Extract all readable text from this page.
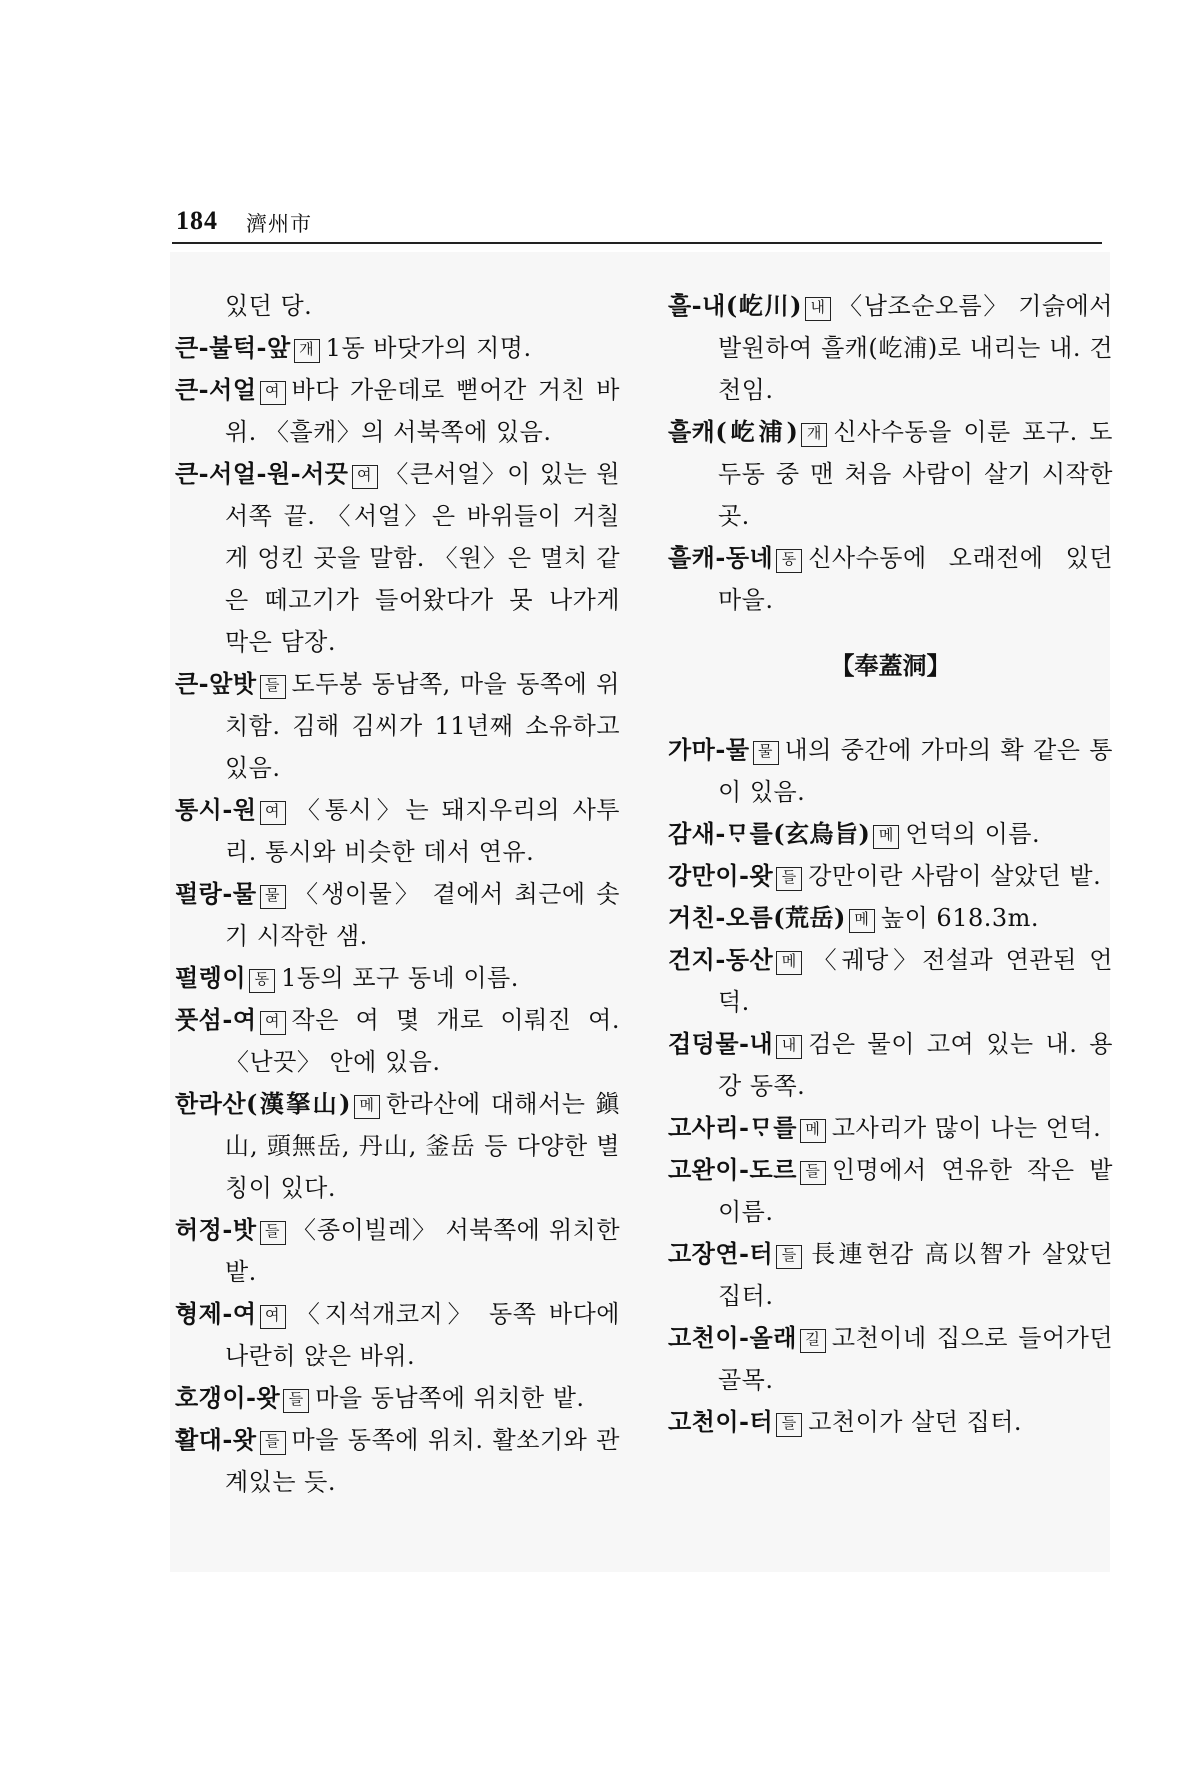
184 濟州市
있던 당.
큰-불턱-앞 개 1동 바닷가의 지명.
큰-서얼 여 바다 가운데로 뻗어간 거친 바위. 〈흘캐〉의 서북쪽에 있음.
큰-서얼-원-서끗 여 〈큰서얼〉이 있는 원 서쪽 끝. 〈서얼〉은 바위들이 거칠게 엉킨 곳을 말함. 〈원〉은 멸치 같은 떼고기가 들어왔다가 못 나가게 막은 담장.
큰-앞밧 들 도두봉 동남쪽, 마을 동쪽에 위치함. 김해 김씨가 11년째 소유하고 있음.
통시-원 여 〈통시〉는 돼지우리의 사투리. 통시와 비슷한 데서 연유.
펄랑-물 물 〈생이물〉 곁에서 최근에 솟기 시작한 샘.
펄렝이 동 1동의 포구 동네 이름.
풋섬-여 여 작은 여 몇 개로 이뤄진 여. 〈난끗〉 안에 있음.
한라산(漢拏山) 메 한라산에 대해서는 鎭山, 頭無岳, 丹山, 釜岳 등 다양한 별칭이 있다.
허정-밧 들 〈종이빌레〉 서북쪽에 위치한 밭.
형제-여 여 〈지석개코지〉 동쪽 바다에 나란히 앉은 바위.
호갱이-왓 들 마을 동남쪽에 위치한 밭.
활대-왓 들 마을 동쪽에 위치. 활쏘기와 관계있는 듯.
흘-내(屹川) 내 〈남조순오름〉 기슭에서 발원하여 흘캐(屹浦)로 내리는 내. 건천임.
흘캐(屹浦) 개 신사수동을 이룬 포구. 도두동 중 맨 처음 사람이 살기 시작한 곳.
흘캐-동네 동 신사수동에 오래전에 있던 마을.
【奉蓋洞】
가마-물 물 내의 중간에 가마의 확 같은 통이 있음.
감새-ᄆᆞ를(玄烏旨) 메 언덕의 이름.
강만이-왓 들 강만이란 사람이 살았던 밭.
거친-오름(荒岳) 메 높이 618.3m.
건지-동산 메 〈궤당〉전설과 연관된 언덕.
겁덩물-내 내 검은 물이 고여 있는 내. 용강 동쪽.
고사리-ᄆᆞ를 메 고사리가 많이 나는 언덕.
고완이-도르 들 인명에서 연유한 작은 밭 이름.
고장연-터 들 長連현감 高以智가 살았던 집터.
고천이-올래 길 고천이네 집으로 들어가던 골목.
고천이-터 들 고천이가 살던 집터.
